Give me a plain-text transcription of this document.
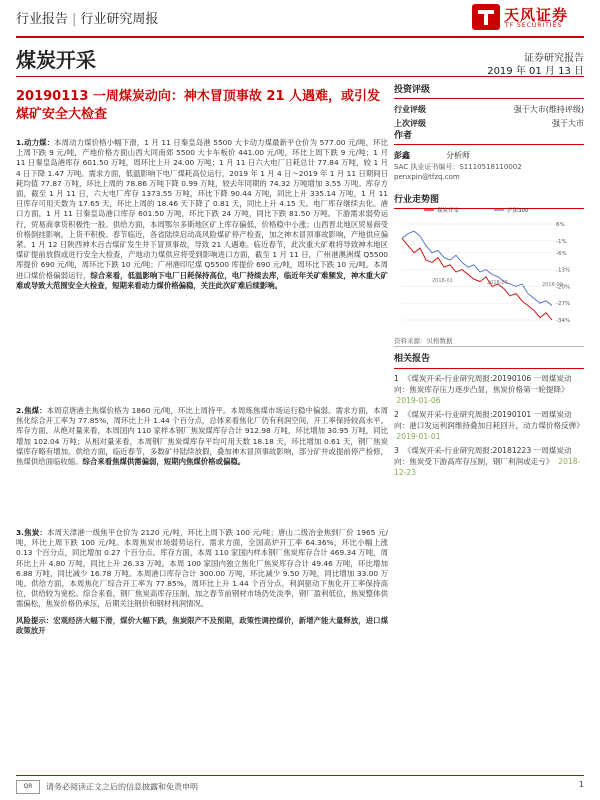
行业报告 | 行业研究周报	天风证券
TF SECURITIES
煤炭开采	证券研究报告
2019 年 01 月 13 日
20190113 一周煤炭动向：神木冒顶事故 21 人遇难，或引发煤矿安全大检查
投资评级
行业评级	强于大市(维持评级)
上次评级	强于大市
作者
彭鑫	分析师
SAC 执业证书编号：S1110518110002
penxpin@tfzq.com
行业走势图
6%
-1%
-6%
-13%
-20%
-27%
-34%
2018-01	2018-05	2018-09
煤炭开采	沪深300
资料来源：贝格数据
相关报告
1 《煤炭开采-行业研究周报:20190106 一周煤炭动向：焦炭库存压力逐步凸显，焦炭价格第一轮提降》  2019-01-06
2 《煤炭开采-行业研究周报:20190101 一周煤炭动向：港口发运利润维持叠加日耗回升，动力煤价格反弹》  2019-01-01
3 《煤炭开采-行业研究周报:20181223 一周煤炭动向：焦炭受下游高库存压制，钢厂利润或走亏》 2018-12-23
1.动力煤：本周动力煤价格小幅下滑，1 月 11 日秦皇岛港 5500 大卡动力煤最新平仓价为 577.00 元/吨，环比上周下跌 9 元/吨，产地价格方面山西大同南郊 5500 大卡车板价 441.00 元/吨，环比上周下跌 9 元/吨；1 月 11 日秦皇岛港库存 601.50 万吨，周环比上升 24.00 万吨；1 月 11 日六大电厂日耗总计 77.84 万吨，较 1 月 4 日下降 1.47 万吨。需求方面，低温影响下电厂煤耗高位运行，2019 年 1 月 4 日～2019 年 1 月 11 日期间日耗均值 77.87 万吨，环比上周的 78.86 万吨下降 0.99 万吨，较去年同期的 74.32 万吨增加 3.55 万吨。库存方面，截至 1 月 11 日，六大电厂库存 1373.55 万吨，环比下降 90.44 万吨，同比上升 335.14 万吨，1 月 11 日库存可用天数为 17.65 天，环比上周的 18.46 天下降了 0.81 天，同比上升 4.15 天。电厂库存继续去化。港口方面，1 月 11 日秦皇岛港口库存 601.50 万吨，环比下跌 24 万吨，同比下跌 81.50 万吨。下游需求弱势运行，贸易商拿货积极性一般。供给方面，本周鄂尔多斯地区矿上库存偏低，价格稳中小涨；山西晋北地区贸易商受价格倒挂影响，上货不积极。春节临近，各省陆续启动高风险煤矿停产检查，加之神木冒顶事故影响，产地供应偏紧。1 月 12 日陕西神木百吉煤矿发生井下冒顶事故，导致 21 人遇难。临近春节，此次重大矿难将导致神木地区煤矿提前放假或进行安全大检查，产地动力煤供应将受到影响进口方面，截至 1 月 11 日，广州港澳洲煤 Q5500 库提价 690 元/吨，周环比下跌 10 元/吨；广州港印尼煤 Q5500 库提价 690 元/吨，周环比下跌 10 元/吨。本周进口煤价格偏弱运行，综合来看，低温影响下电厂日耗保持高位，电厂持续去库，临近年关矿难频发，神木重大矿难或导致大范围安全大检查，短期来看动力煤价格偏稳，关注此次矿难后续影响。
2.焦煤：本周京唐港主焦煤价格为 1860 元/吨，环比上周持平。本周炼焦煤市场运行稳中偏弱。需求方面，本周焦化综合开工率为 77.85%，周环比上升 1.44 个百分点，总体来看焦化厂仍有利润空间，开工率保持较高水平。库存方面，从绝对量来看，本周国内 110 家样本钢厂焦炭煤库存合计 912.98 万吨，环比增加 30.95 万吨，同比增加 102.04 万吨；从相对量来看，本周钢厂焦炭煤库存平均可用天数 18.18 天，环比增加 0.61 天，钢厂焦炭煤库存略有增加。供给方面，临近春节，多数矿井陆续放假，叠加神木冒顶事故影响，部分矿井或提前停产检修，焦煤供给面临收缩。综合来看焦煤供需偏弱，短期内焦煤价格或偏稳。
3.焦炭：本周天津港一级焦平仓价为 2120 元/吨，环比上周下跌 100 元/吨；唐山二级冶金焦到厂价 1965 元/吨，环比上周下跌 100 元/吨。本周焦炭市场弱势运行。需求方面，全国高炉开工率 64.36%，环比小幅上涨 0.13 个百分点，同比增加 0.27 个百分点。库存方面，本周 110 家国内样本钢厂焦炭库存合计 469.34 万吨，周环比上升 4.80 万吨，同比上升 26.33 万吨。本周 100 家国内独立焦化厂焦炭库存合计 49.46 万吨，环比增加 6.88 万吨，同比减少 16.78 万吨。本周港口库存合计 300.00 万吨，环比减少 9.50 万吨，同比增加 33.00 万吨。供给方面，本周焦化厂综合开工率为 77.85%，周环比上升 1.44 个百分点，利润驱动下焦化开工率保持高位，供给较为宽松。综合来看，钢厂焦炭高库存压制，加之春节前钢材市场仍处淡季，钢厂盈利低位，焦炭整体供需偏松，焦炭价格仍承压，后期关注钢价和钢材利润情况。
风险提示：宏观经济大幅下滑，煤价大幅下跌，焦炭限产不及预期，政策性调控煤价，新增产能大量释放，进口煤政策放开
QR 请务必阅读正文之后的信息披露和免责申明	1
